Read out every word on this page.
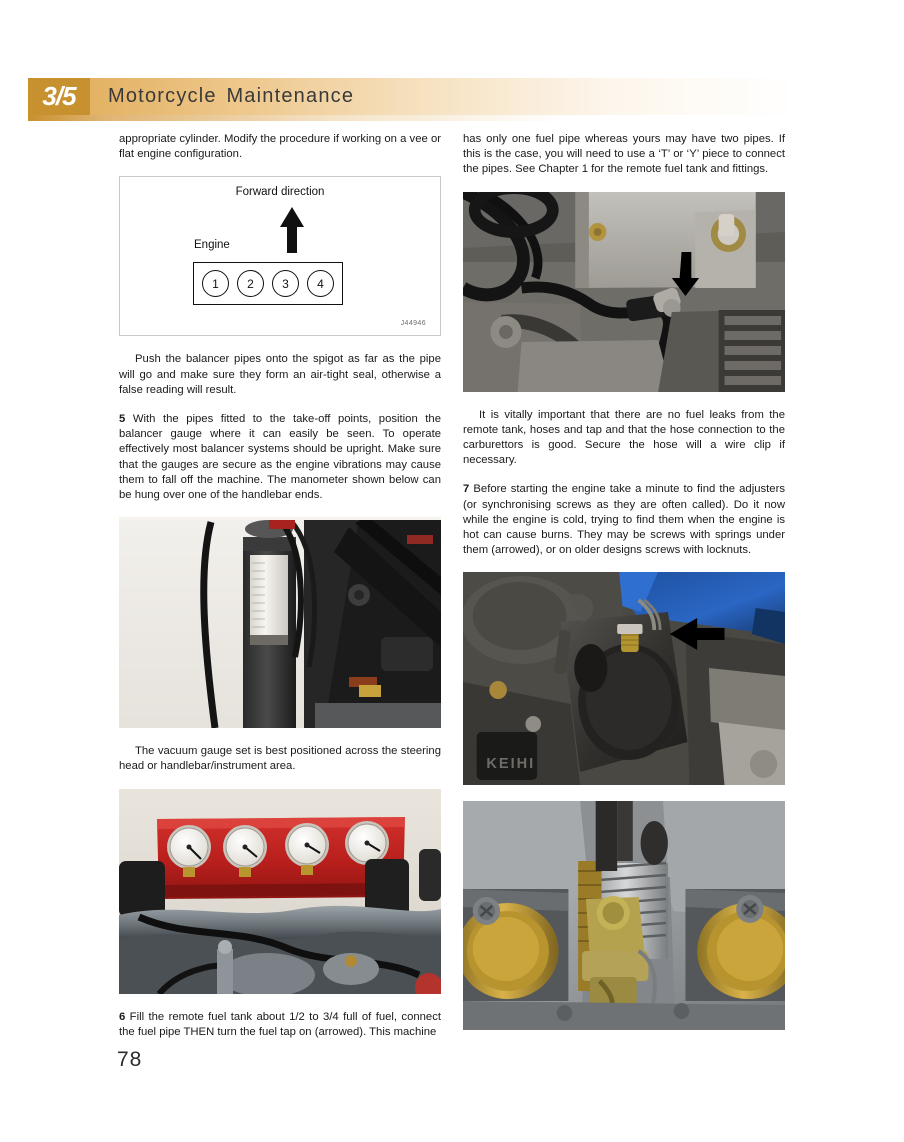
3/5 Motorcycle Maintenance

appropriate cylinder. Modify the procedure if working on a vee or flat engine configuration.

Forward direction
Engine
1	2	3	4
J44946

Push the balancer pipes onto the spigot as far as the pipe will go and make sure they form an air-tight seal, otherwise a false reading will result.

5 With the pipes fitted to the take-off points, position the balancer gauge where it can easily be seen. To operate effectively most balancer systems should be upright. Make sure that the gauges are secure as the engine vibrations may cause them to fall off the machine. The manometer shown below can be hung over one of the handlebar ends.

The vacuum gauge set is best positioned across the steering head or handlebar/instrument area.

6 Fill the remote fuel tank about 1/2 to 3/4 full of fuel, connect the fuel pipe THEN turn the fuel tap on (arrowed). This machine

has only one fuel pipe whereas yours may have two pipes. If this is the case, you will need to use a ‘T’ or ‘Y’ piece to connect the pipes. See Chapter 1 for the remote fuel tank and fittings.

It is vitally important that there are no fuel leaks from the remote tank, hoses and tap and that the hose connection to the carburettors is good. Secure the hose will a wire clip if necessary.

7 Before starting the engine take a minute to find the adjusters (or synchronising screws as they are often called). Do it now while the engine is cold, trying to find them when the engine is hot can cause burns. They may be screws with springs under them (arrowed), or on older designs screws with locknuts.

KEIHI
78
